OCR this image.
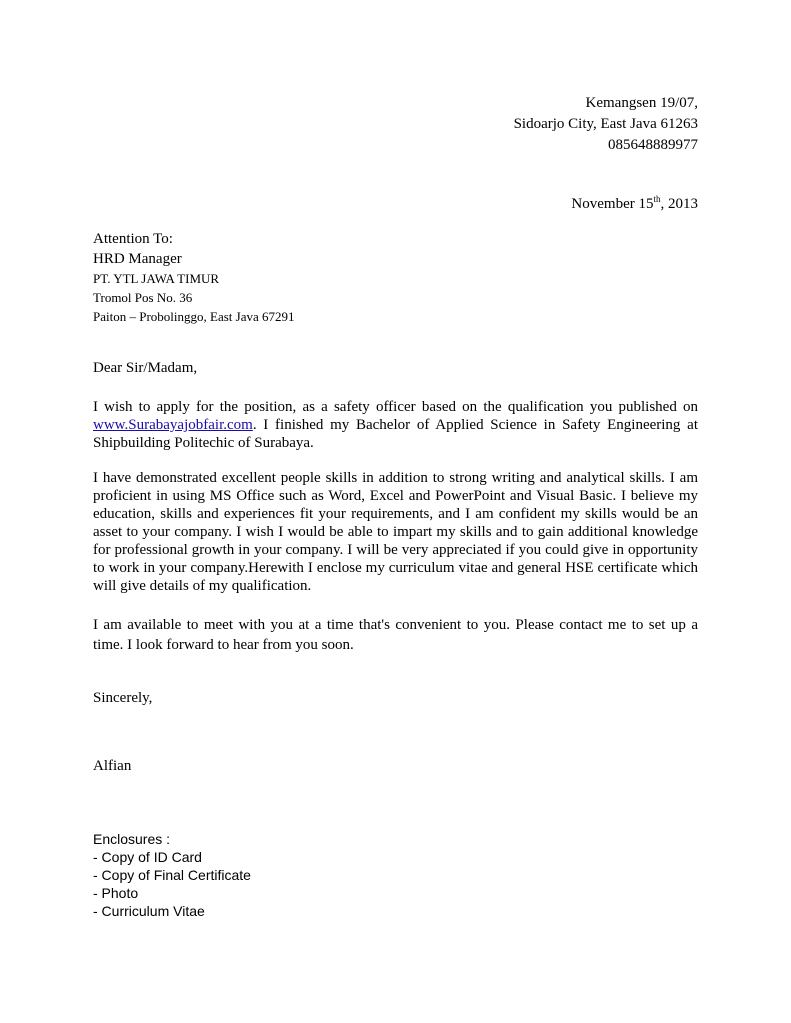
Kemangsen 19/07,
Sidoarjo City, East Java 61263
085648889977
November 15th, 2013
Attention To:
HRD Manager
PT. YTL JAWA TIMUR
Tromol Pos No. 36
Paiton – Probolinggo, East Java 67291
Dear Sir/Madam,

I wish to apply for the position, as a safety officer based on the qualification you published on www.Surabayajobfair.com. I finished my Bachelor of Applied Science in Safety Engineering at Shipbuilding Politechic of Surabaya.

I have demonstrated excellent people skills in addition to strong writing and analytical skills. I am proficient in using MS Office such as Word, Excel and PowerPoint and Visual Basic. I believe my education, skills and experiences fit your requirements, and I am confident my skills would be an asset to your company. I wish I would be able to impart my skills and to gain additional knowledge for professional growth in your company. I will be very appreciated if you could give in opportunity to work in your company.Herewith I enclose my curriculum vitae and general HSE certificate which will give details of my qualification.

I am available to meet with you at a time that's convenient to you. Please contact me to set up a time. I look forward to hear from you soon.

Sincerely,
Alfian
Enclosures :
- Copy of ID Card
- Copy of Final Certificate
- Photo
- Curriculum Vitae
